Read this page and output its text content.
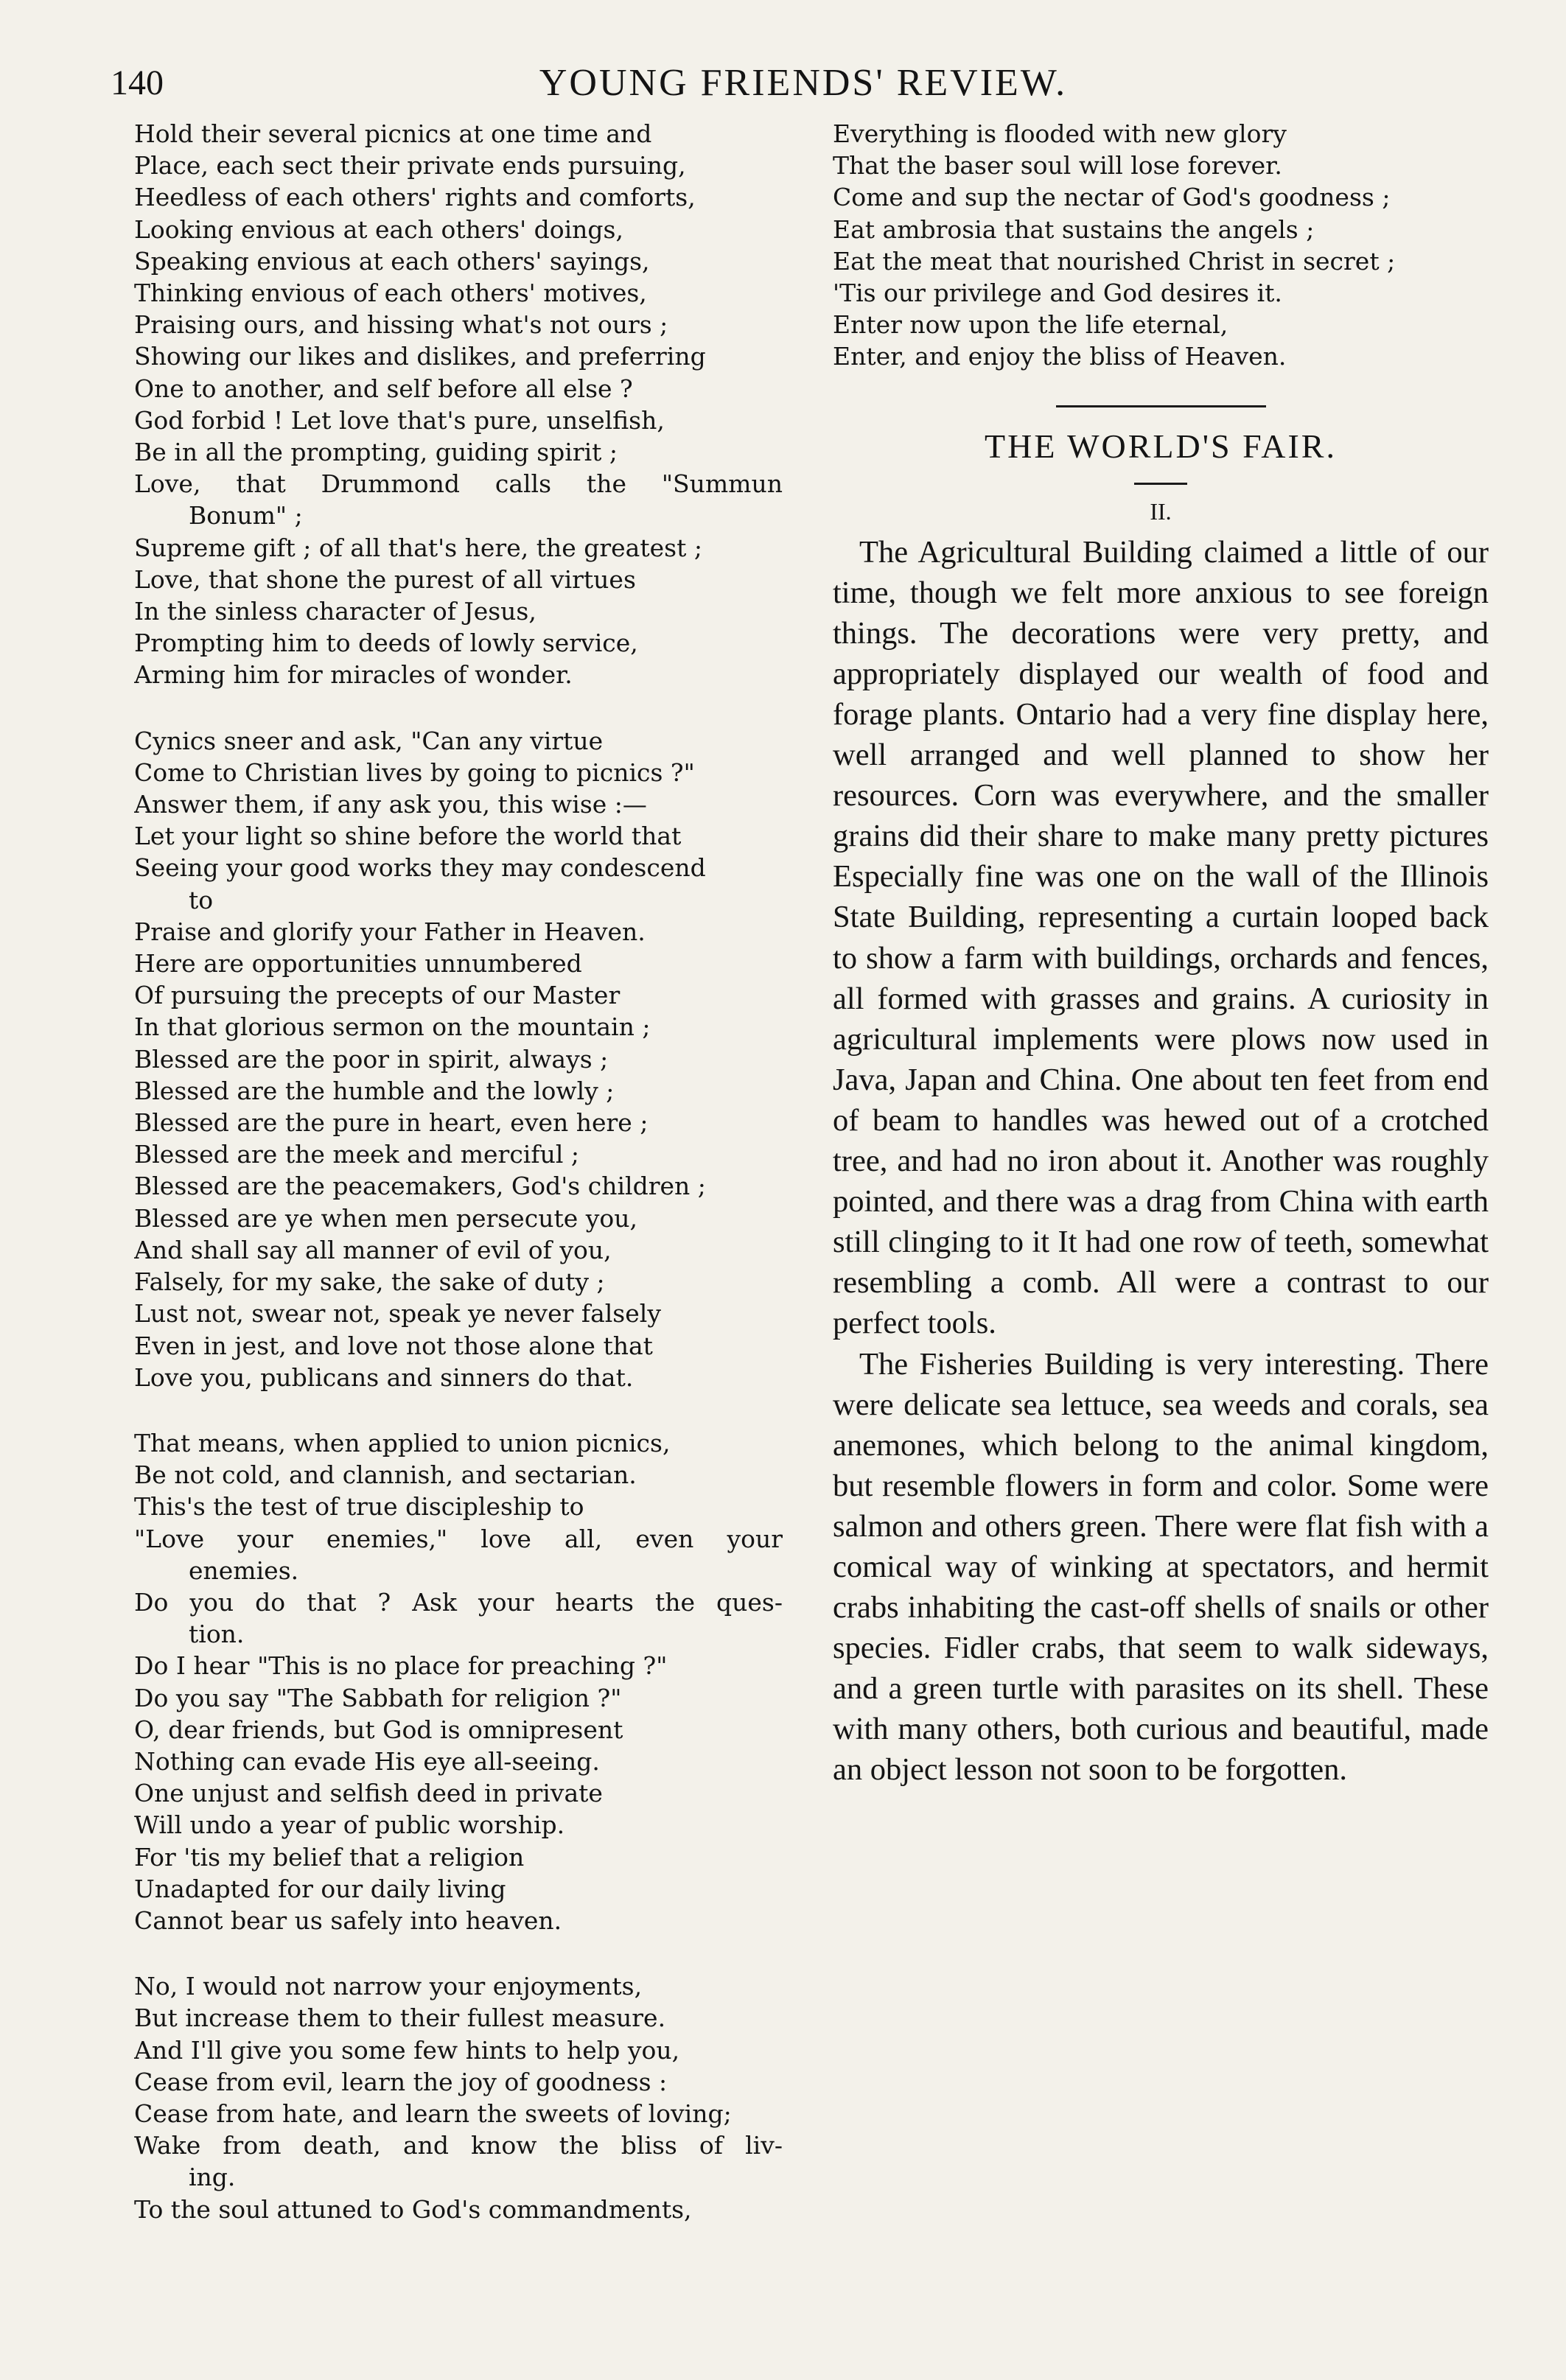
140	YOUNG FRIENDS' REVIEW.
Hold their several picnics at one time and
Place, each sect their private ends pursuing,
Heedless of each others' rights and comforts,
Looking envious at each others' doings,
Speaking envious at each others' sayings,
Thinking envious of each others' motives,
Praising ours, and hissing what's not ours ;
Showing our likes and dislikes, and preferring
One to another, and self before all else ?
God forbid ! Let love that's pure, unselfish,
Be in all the prompting, guiding spirit ;
Love, that Drummond calls the "Summun
Bonum" ;
Supreme gift ; of all that's here, the greatest ;
Love, that shone the purest of all virtues
In the sinless character of Jesus,
Prompting him to deeds of lowly service,
Arming him for miracles of wonder.
Cynics sneer and ask, "Can any virtue
Come to Christian lives by going to picnics ?"
Answer them, if any ask you, this wise :—
Let your light so shine before the world that
Seeing your good works they may condescend
to
Praise and glorify your Father in Heaven.
Here are opportunities unnumbered
Of pursuing the precepts of our Master
In that glorious sermon on the mountain ;
Blessed are the poor in spirit, always ;
Blessed are the humble and the lowly ;
Blessed are the pure in heart, even here ;
Blessed are the meek and merciful ;
Blessed are the peacemakers, God's children ;
Blessed are ye when men persecute you,
And shall say all manner of evil of you,
Falsely, for my sake, the sake of duty ;
Lust not, swear not, speak ye never falsely
Even in jest, and love not those alone that
Love you, publicans and sinners do that.
That means, when applied to union picnics,
Be not cold, and clannish, and sectarian.
This's the test of true discipleship to
"Love your enemies," love all, even your
enemies.
Do you do that ? Ask your hearts the ques-
tion.
Do I hear "This is no place for preaching ?"
Do you say "The Sabbath for religion ?"
O, dear friends, but God is omnipresent
Nothing can evade His eye all-seeing.
One unjust and selfish deed in private
Will undo a year of public worship.
For 'tis my belief that a religion
Unadapted for our daily living
Cannot bear us safely into heaven.
No, I would not narrow your enjoyments,
But increase them to their fullest measure.
And I'll give you some few hints to help you,
Cease from evil, learn the joy of goodness :
Cease from hate, and learn the sweets of loving;
Wake from death, and know the bliss of liv-
ing.
To the soul attuned to God's commandments,
Everything is flooded with new glory
That the baser soul will lose forever.
Come and sup the nectar of God's goodness ;
Eat ambrosia that sustains the angels ;
Eat the meat that nourished Christ in secret ;
'Tis our privilege and God desires it.
Enter now upon the life eternal,
Enter, and enjoy the bliss of Heaven.
THE WORLD'S FAIR.
II.

The Agricultural Building claimed a little of our time, though we felt more anxious to see foreign things. The decorations were very pretty, and appropriately displayed our wealth of food and forage plants. Ontario had a very fine display here, well arranged and well planned to show her resources. Corn was everywhere, and the smaller grains did their share to make many pretty pictures Especially fine was one on the wall of the Illinois State Building, representing a curtain looped back to show a farm with buildings, orchards and fences, all formed with grasses and grains. A curiosity in agricultural implements were plows now used in Java, Japan and China. One about ten feet from end of beam to handles was hewed out of a crotched tree, and had no iron about it. Another was roughly pointed, and there was a drag from China with earth still clinging to it It had one row of teeth, somewhat resembling a comb. All were a contrast to our perfect tools.

The Fisheries Building is very interesting. There were delicate sea lettuce, sea weeds and corals, sea anemones, which belong to the animal kingdom, but resemble flowers in form and color. Some were salmon and others green. There were flat fish with a comical way of winking at spectators, and hermit crabs inhabiting the cast-off shells of snails or other species. Fidler crabs, that seem to walk sideways, and a green turtle with parasites on its shell. These with many others, both curious and beautiful, made an object lesson not soon to be forgotten.
